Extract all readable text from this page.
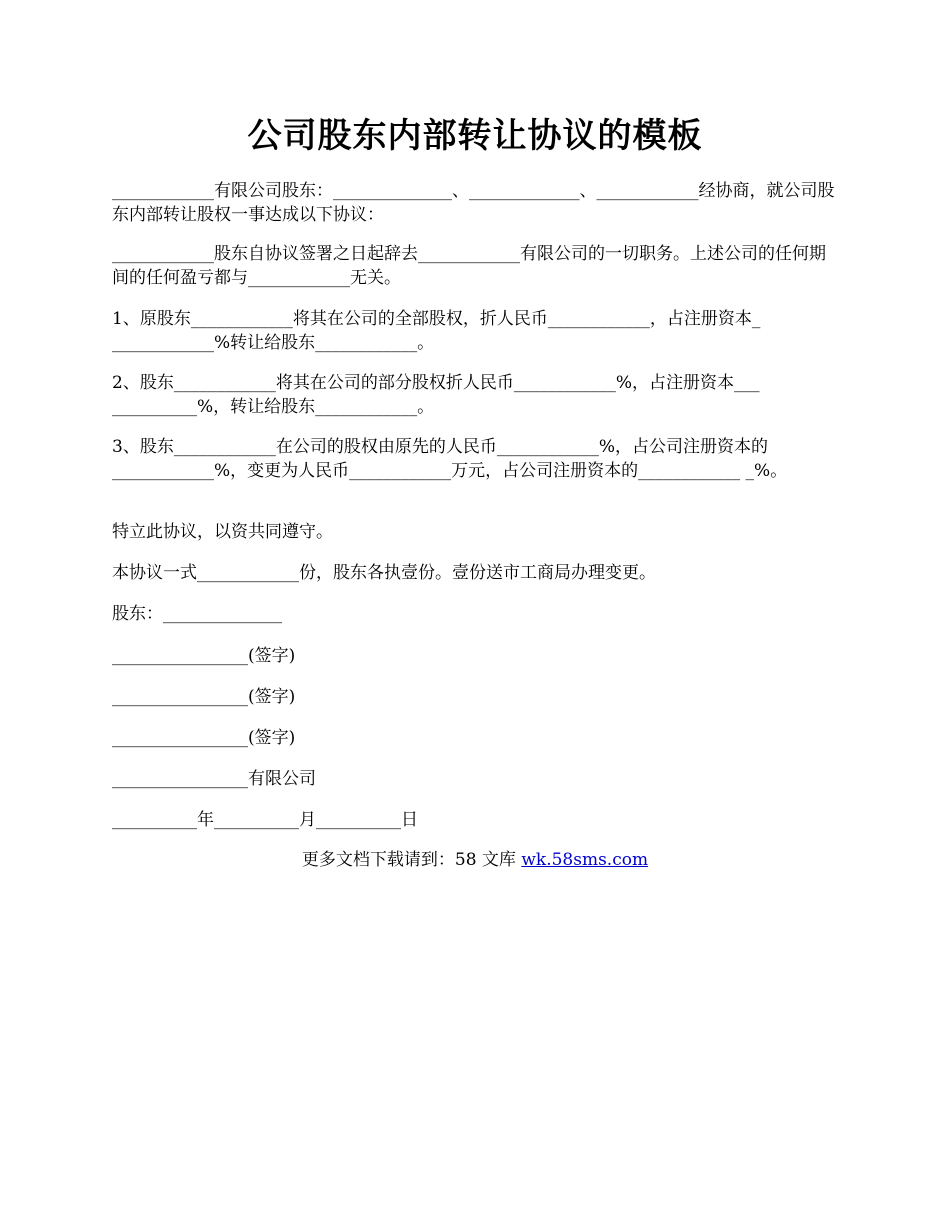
公司股东内部转让协议的模板
____________有限公司股东：______________、_____________、____________经协商，就公司股东内部转让股权一事达成以下协议：
____________股东自协议签署之日起辞去____________有限公司的一切职务。上述公司的任何期间的任何盈亏都与____________无关。
1、原股东____________将其在公司的全部股权，折人民币____________，占注册资本_ ____________%转让给股东____________。
2、股东____________将其在公司的部分股权折人民币____________%，占注册资本___ __________%，转让给股东____________。
3、股东____________在公司的股权由原先的人民币____________%，占公司注册资本的____________%，变更为人民币____________万元，占公司注册资本的____________ _%。
特立此协议，以资共同遵守。
本协议一式____________份，股东各执壹份。壹份送市工商局办理变更。
股东：______________
________________(签字)
________________(签字)
________________(签字)
________________有限公司
__________年__________月__________日
更多文档下载请到：58 文库 wk.58sms.com
